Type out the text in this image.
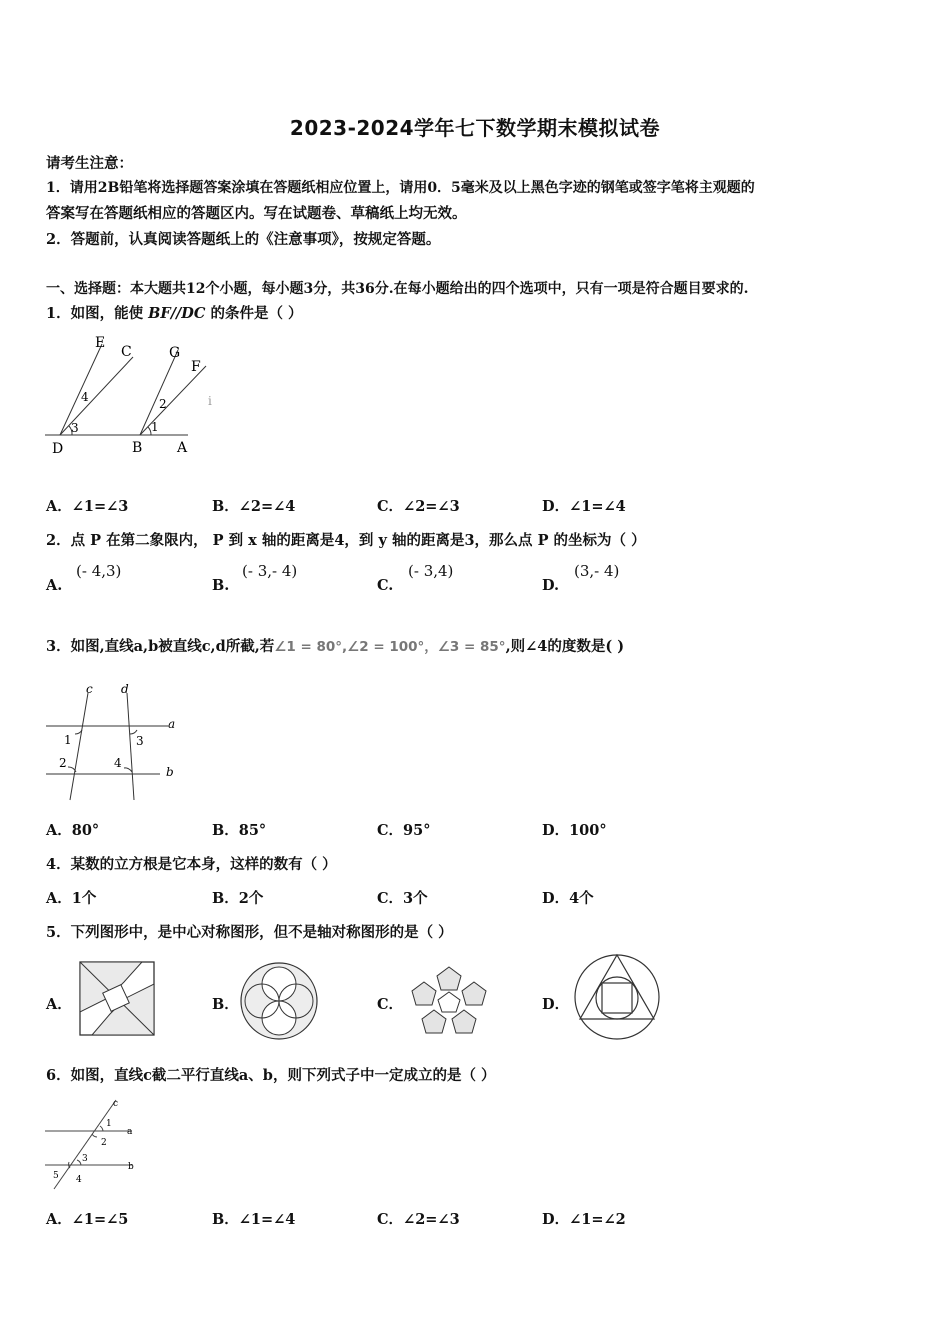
2023-2024学年七下数学期末模拟试卷
请考生注意：
1．请用2B铅笔将选择题答案涂填在答题纸相应位置上，请用0．5毫米及以上黑色字迹的钢笔或签字笔将主观题的
答案写在答题纸相应的答题区内。写在试题卷、草稿纸上均无效。
2．答题前，认真阅读答题纸上的《注意事项》，按规定答题。
一、选择题：本大题共12个小题，每小题3分，共36分.在每小题给出的四个选项中，只有一项是符合题目要求的.
1．如图，能使 BF//DC 的条件是（ ）
E
C	G
F
4
3
2
1
D	B A
i
A．∠1=∠3	B．∠2=∠4	C．∠2=∠3	D．∠1=∠4
2．点 P 在第二象限内， P 到 x 轴的距离是4，到 y 轴的距离是3，那么点 P 的坐标为（ ）
A.
(- 4,3)
B.
(- 3,- 4)
C.
(- 3,4)
D.
(3,- 4)
3．如图,直线a,b被直线c,d所截,若∠1 = 80°,∠2 = 100°，∠3 = 85°,则∠4的度数是( )
c d
a
b
1	3
2	4
A．80°	B．85°	C．95°	D．100°
4．某数的立方根是它本身，这样的数有（ ）
A．1个	B．2个	C．3个	D．4个
5．下列图形中，是中心对称图形，但不是轴对称图形的是（ ）
A．	B．	C．	D．
6．如图，直线c截二平行直线a、b，则下列式子中一定成立的是（ ）
c
1
a
2
3
b
5 4
A．∠1=∠5	B．∠1=∠4	C．∠2=∠3	D．∠1=∠2
